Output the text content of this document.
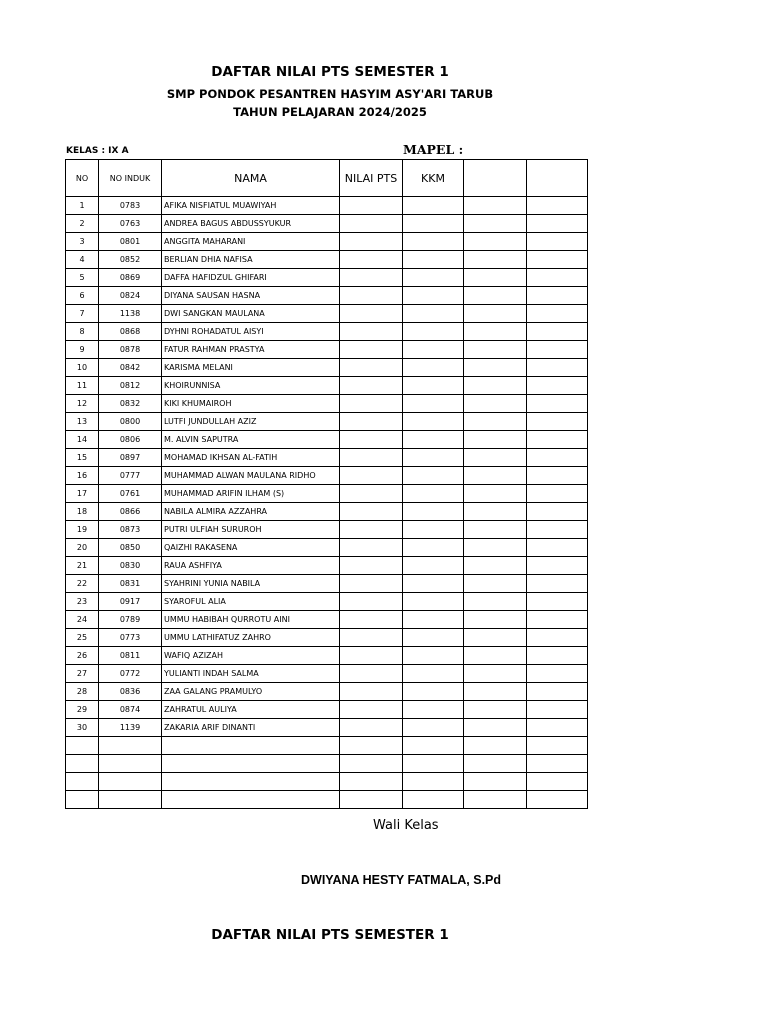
DAFTAR NILAI PTS SEMESTER 1
SMP PONDOK PESANTREN HASYIM ASY'ARI TARUB
TAHUN PELAJARAN 2024/2025
KELAS : IX A	MAPEL :
NO	NO INDUK	NAMA	NILAI PTS	KKM		
1	0783	AFIKA NISFIATUL MUAWIYAH				
2	0763	ANDREA BAGUS ABDUSSYUKUR				
3	0801	ANGGITA MAHARANI				
4	0852	BERLIAN DHIA NAFISA				
5	0869	DAFFA HAFIDZUL GHIFARI				
6	0824	DIYANA SAUSAN HASNA				
7	1138	DWI SANGKAN MAULANA				
8	0868	DYHNI ROHADATUL AISYI				
9	0878	FATUR RAHMAN PRASTYA				
10	0842	KARISMA MELANI				
11	0812	KHOIRUNNISA				
12	0832	KIKI KHUMAIROH				
13	0800	LUTFI JUNDULLAH AZIZ				
14	0806	M. ALVIN SAPUTRA				
15	0897	MOHAMAD IKHSAN AL-FATIH				
16	0777	MUHAMMAD ALWAN MAULANA RIDHO				
17	0761	MUHAMMAD ARIFIN ILHAM (S)				
18	0866	NABILA ALMIRA AZZAHRA				
19	0873	PUTRI ULFIAH SURUROH				
20	0850	QAIZHI RAKASENA				
21	0830	RAUA ASHFIYA				
22	0831	SYAHRINI YUNIA NABILA				
23	0917	SYAROFUL ALIA				
24	0789	UMMU HABIBAH QURROTU AINI				
25	0773	UMMU LATHIFATUZ ZAHRO				
26	0811	WAFIQ AZIZAH				
27	0772	YULIANTI INDAH SALMA				
28	0836	ZAA GALANG PRAMULYO				
29	0874	ZAHRATUL AULIYA				
30	1139	ZAKARIA ARIF DINANTI				

Wali Kelas
DWIYANA HESTY FATMALA, S.Pd
DAFTAR NILAI PTS SEMESTER 1
